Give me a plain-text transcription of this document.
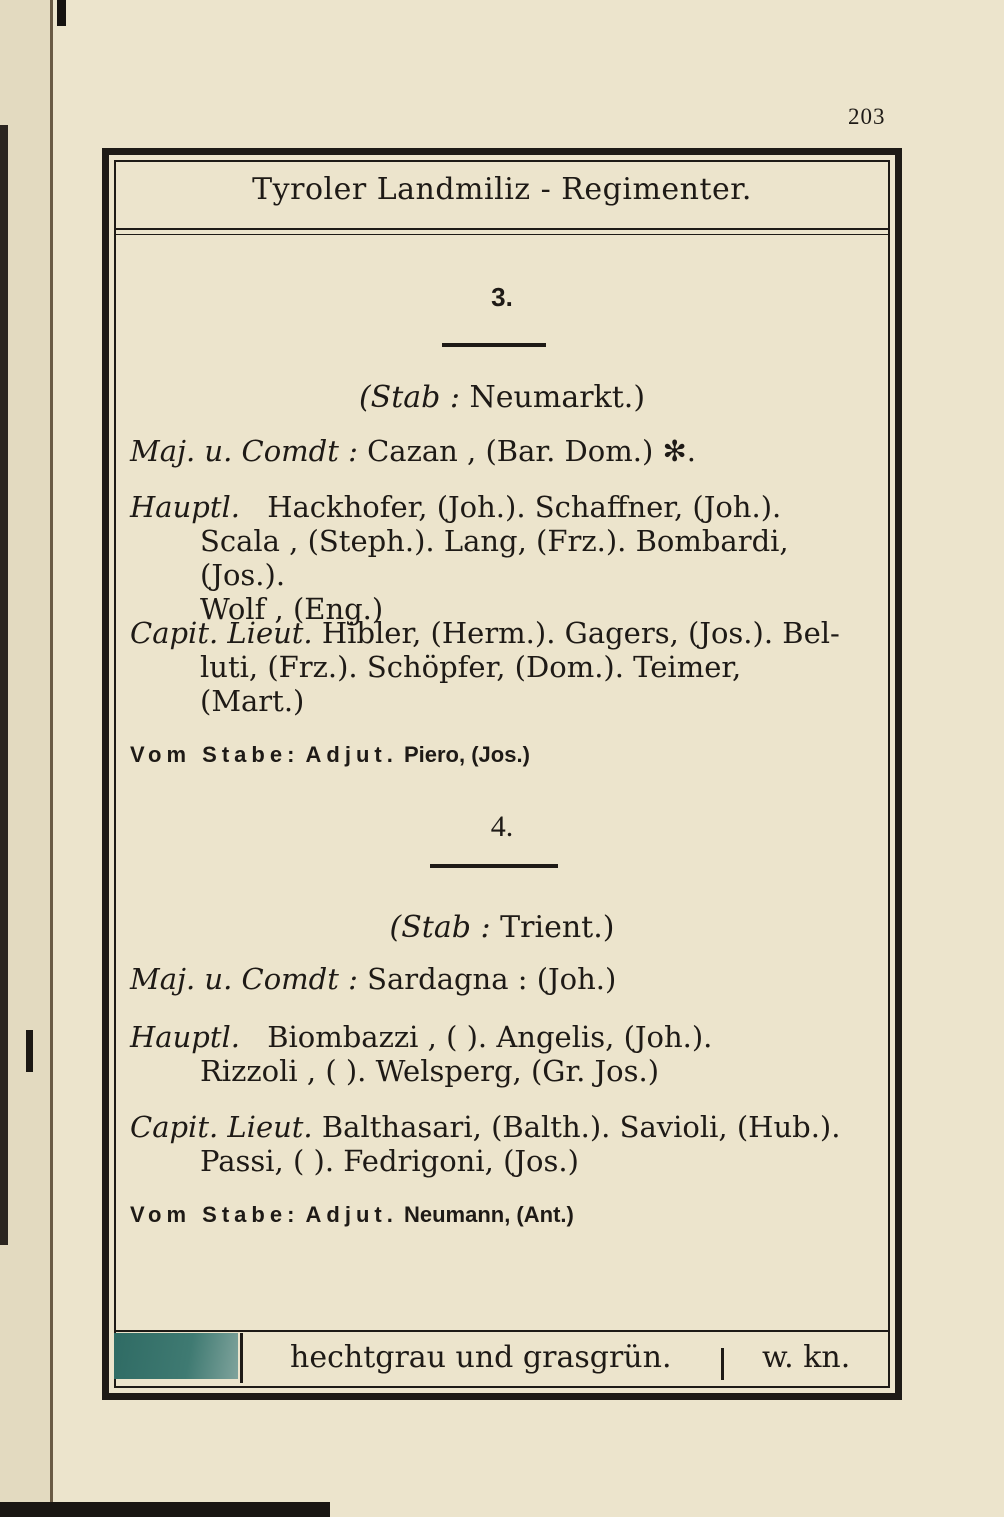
203
Tyroler Landmiliz - Regimenter.
3.
(Stab : Neumarkt.)
Maj. u. Comdt : Cazan , (Bar. Dom.) ✻.
Hauptl. Hackhofer, (Joh.). Schaffner, (Joh.).
Scala , (Steph.). Lang, (Frz.). Bombardi, (Jos.).
Wolf , (Eng.)
Capit. Lieut. Hibler, (Herm.). Gagers, (Jos.). Bel-
luti, (Frz.). Schöpfer, (Dom.). Teimer,
(Mart.)
Vom Stabe: Adjut. Piero, (Jos.)
4.
(Stab : Trient.)
Maj. u. Comdt : Sardagna : (Joh.)
Hauptl. Biombazzi , ( ). Angelis, (Joh.).
Rizzoli , ( ). Welsperg, (Gr. Jos.)
Capit. Lieut. Balthasari, (Balth.). Savioli, (Hub.).
Passi, ( ). Fedrigoni, (Jos.)
Vom Stabe: Adjut. Neumann, (Ant.)
hechtgrau und grasgrün.	w. kn.
